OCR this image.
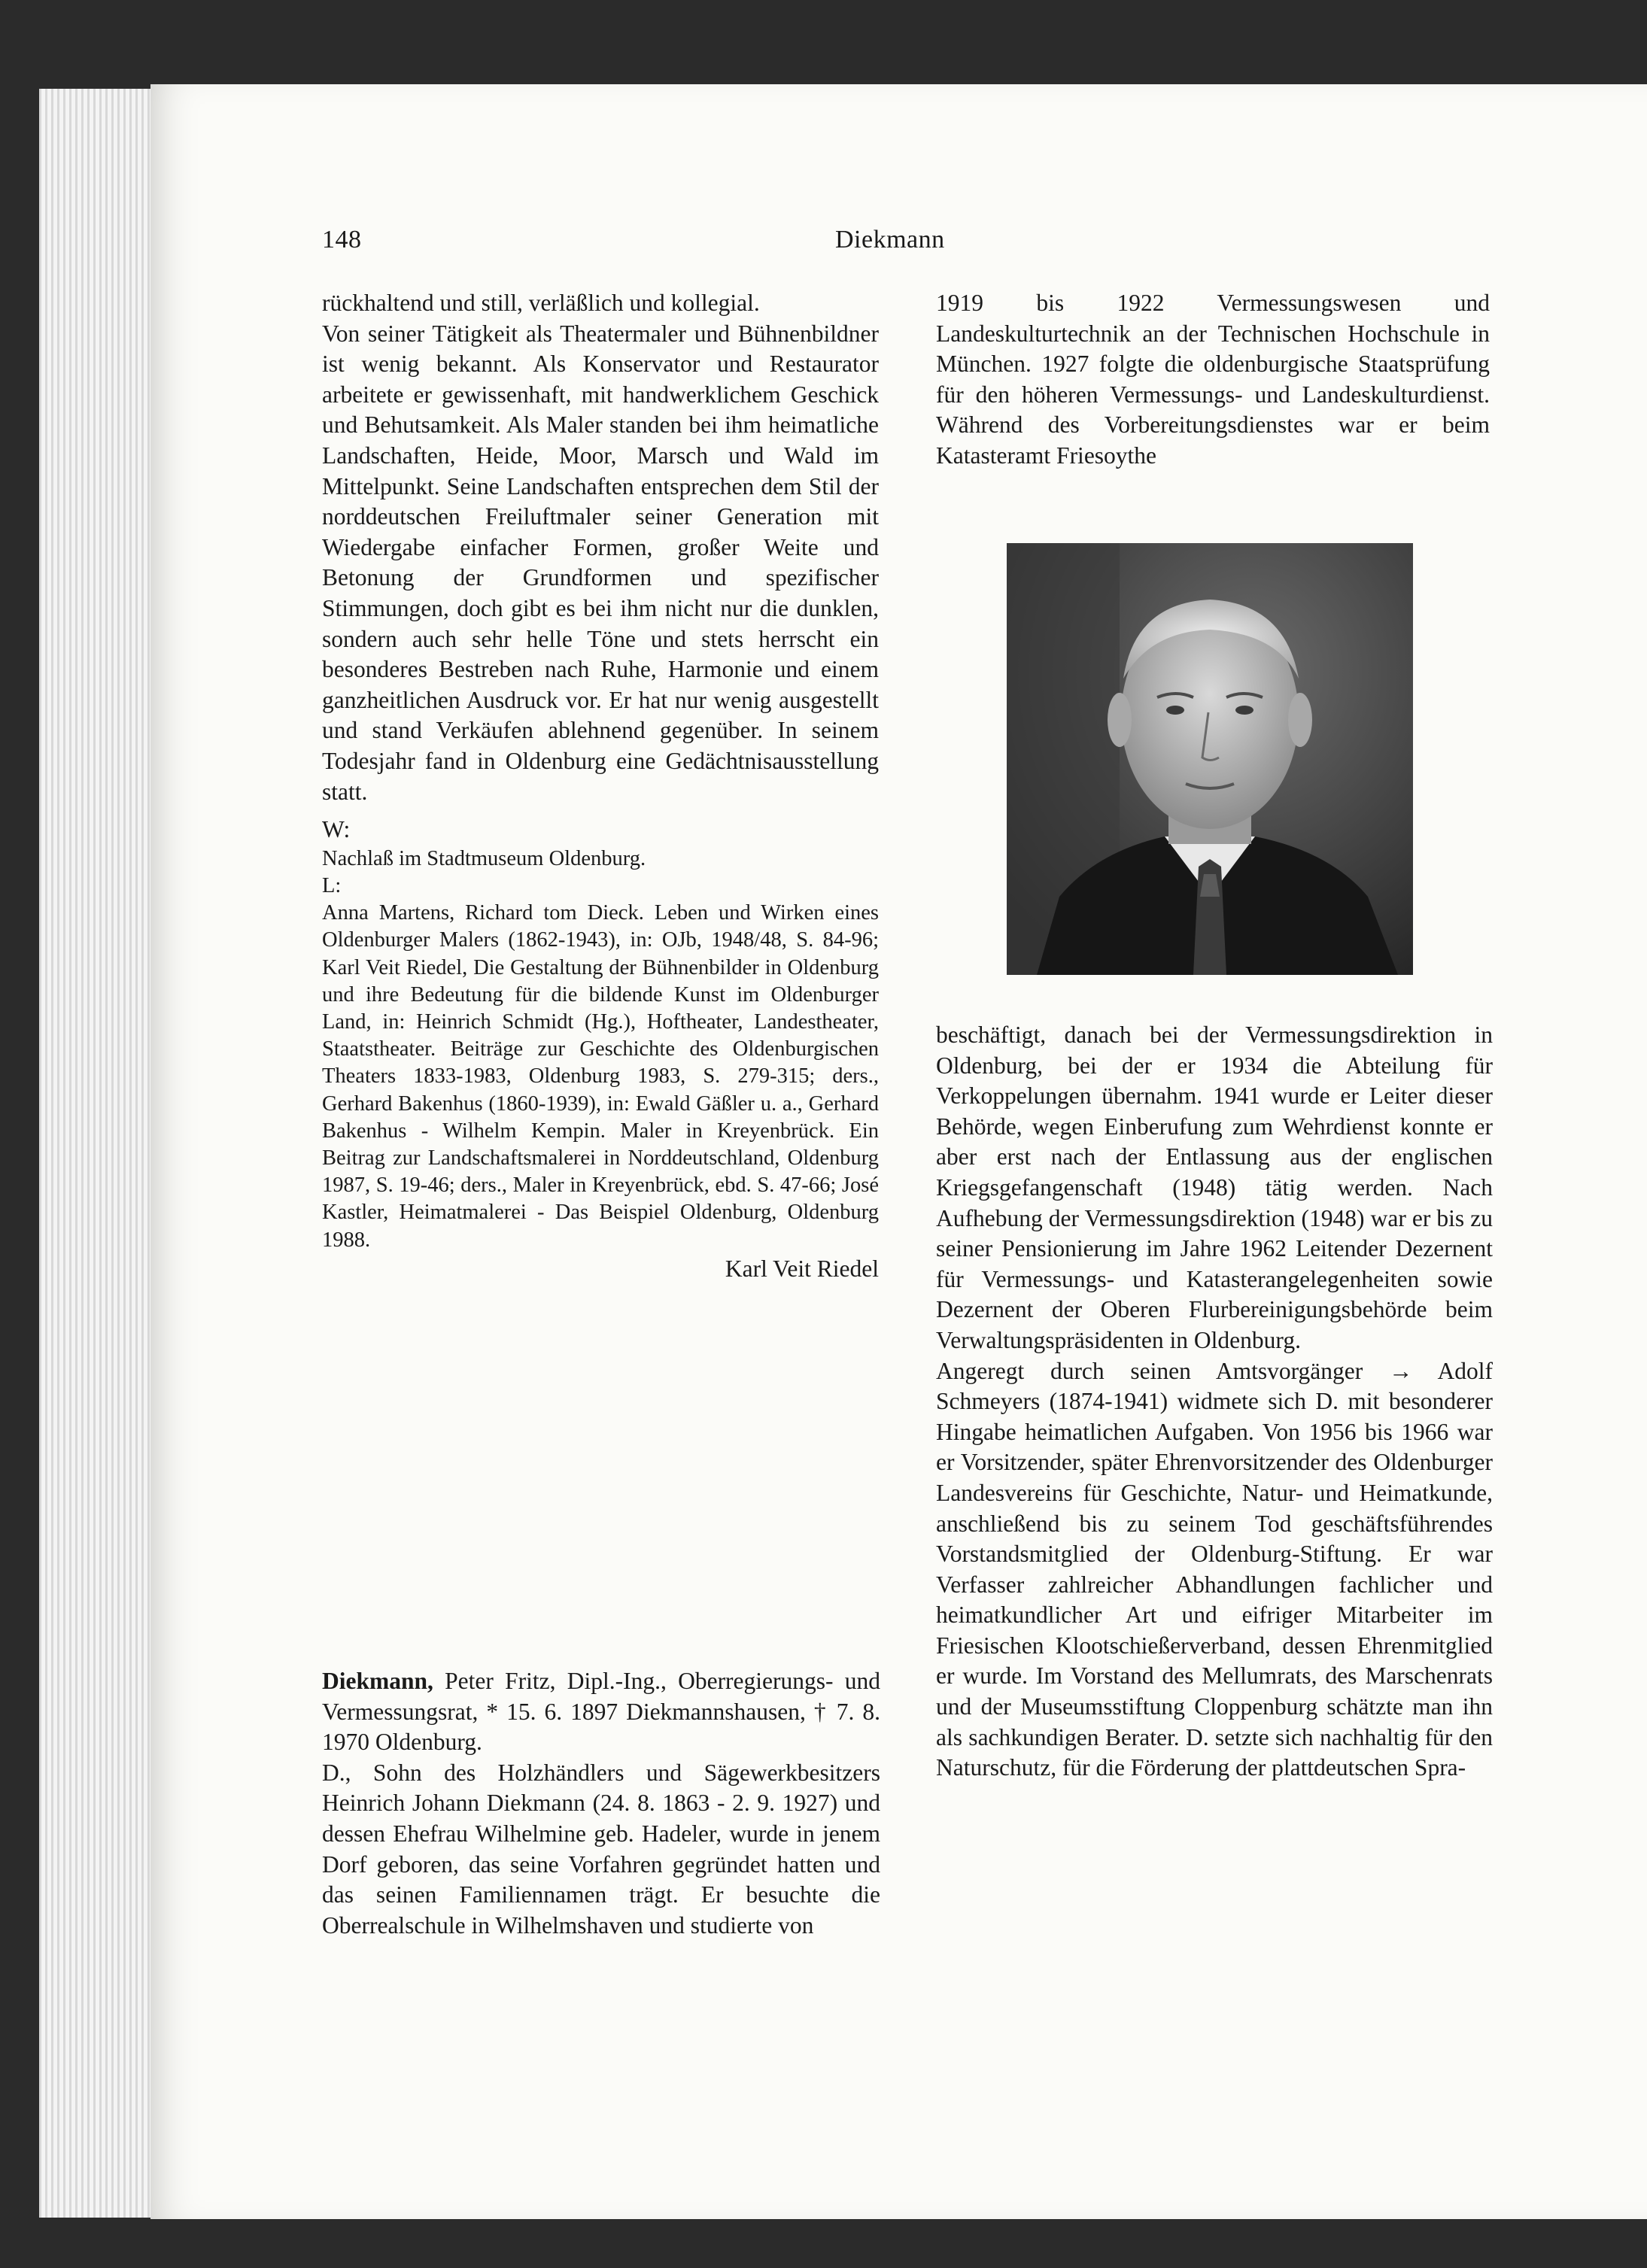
148	Diekmann

rückhaltend und still, verläßlich und kollegial.

Von seiner Tätigkeit als Theatermaler und Bühnenbildner ist wenig bekannt. Als Konservator und Restaurator arbeitete er gewissenhaft, mit handwerklichem Geschick und Behutsamkeit. Als Maler standen bei ihm heimatliche Landschaften, Heide, Moor, Marsch und Wald im Mittelpunkt. Seine Landschaften entsprechen dem Stil der norddeutschen Freiluftmaler seiner Generation mit Wiedergabe einfacher Formen, großer Weite und Betonung der Grundformen und spezifischer Stimmungen, doch gibt es bei ihm nicht nur die dunklen, sondern auch sehr helle Töne und stets herrscht ein besonderes Bestreben nach Ruhe, Harmonie und einem ganzheitlichen Ausdruck vor. Er hat nur wenig ausgestellt und stand Verkäufen ablehnend gegenüber. In seinem Todesjahr fand in Oldenburg eine Gedächtnisausstellung statt.

W:

Nachlaß im Stadtmuseum Oldenburg.

L:

Anna Martens, Richard tom Dieck. Leben und Wirken eines Oldenburger Malers (1862-1943), in: OJb, 1948/48, S. 84-96; Karl Veit Riedel, Die Gestaltung der Bühnenbilder in Oldenburg und ihre Bedeutung für die bildende Kunst im Oldenburger Land, in: Heinrich Schmidt (Hg.), Hoftheater, Landestheater, Staatstheater. Beiträge zur Geschichte des Oldenburgischen Theaters 1833-1983, Oldenburg 1983, S. 279-315; ders., Gerhard Bakenhus (1860-1939), in: Ewald Gäßler u. a., Gerhard Bakenhus - Wilhelm Kempin. Maler in Kreyenbrück. Ein Beitrag zur Landschaftsmalerei in Norddeutschland, Oldenburg 1987, S. 19-46; ders., Maler in Kreyenbrück, ebd. S. 47-66; José Kastler, Heimatmalerei - Das Beispiel Oldenburg, Oldenburg 1988.

Karl Veit Riedel

Diekmann, Peter Fritz, Dipl.-Ing., Oberregierungs- und Vermessungsrat, * 15. 6. 1897 Diekmannshausen, † 7. 8. 1970 Oldenburg.

D., Sohn des Holzhändlers und Sägewerkbesitzers Heinrich Johann Diekmann (24. 8. 1863 - 2. 9. 1927) und dessen Ehefrau Wilhelmine geb. Hadeler, wurde in jenem Dorf geboren, das seine Vorfahren gegründet hatten und das seinen Familiennamen trägt. Er besuchte die Oberrealschule in Wilhelmshaven und studierte von

1919 bis 1922 Vermessungswesen und Landeskulturtechnik an der Technischen Hochschule in München. 1927 folgte die oldenburgische Staatsprüfung für den höheren Vermessungs- und Landeskulturdienst. Während des Vorbereitungsdienstes war er beim Katasteramt Friesoythe

beschäftigt, danach bei der Vermessungsdirektion in Oldenburg, bei der er 1934 die Abteilung für Verkoppelungen übernahm. 1941 wurde er Leiter dieser Behörde, wegen Einberufung zum Wehrdienst konnte er aber erst nach der Entlassung aus der englischen Kriegsgefangenschaft (1948) tätig werden. Nach Aufhebung der Vermessungsdirektion (1948) war er bis zu seiner Pensionierung im Jahre 1962 Leitender Dezernent für Vermessungs- und Katasterangelegenheiten sowie Dezernent der Oberen Flurbereinigungsbehörde beim Verwaltungspräsidenten in Oldenburg.

Angeregt durch seinen Amtsvorgänger → Adolf Schmeyers (1874-1941) widmete sich D. mit besonderer Hingabe heimatlichen Aufgaben. Von 1956 bis 1966 war er Vorsitzender, später Ehrenvorsitzender des Oldenburger Landesvereins für Geschichte, Natur- und Heimatkunde, anschließend bis zu seinem Tod geschäftsführendes Vorstandsmitglied der Oldenburg-Stiftung. Er war Verfasser zahlreicher Abhandlungen fachlicher und heimatkundlicher Art und eifriger Mitarbeiter im Friesischen Klootschießerverband, dessen Ehrenmitglied er wurde. Im Vorstand des Mellumrats, des Marschenrats und der Museumsstiftung Cloppenburg schätzte man ihn als sachkundigen Berater. D. setzte sich nachhaltig für den Naturschutz, für die Förderung der plattdeutschen Spra-
